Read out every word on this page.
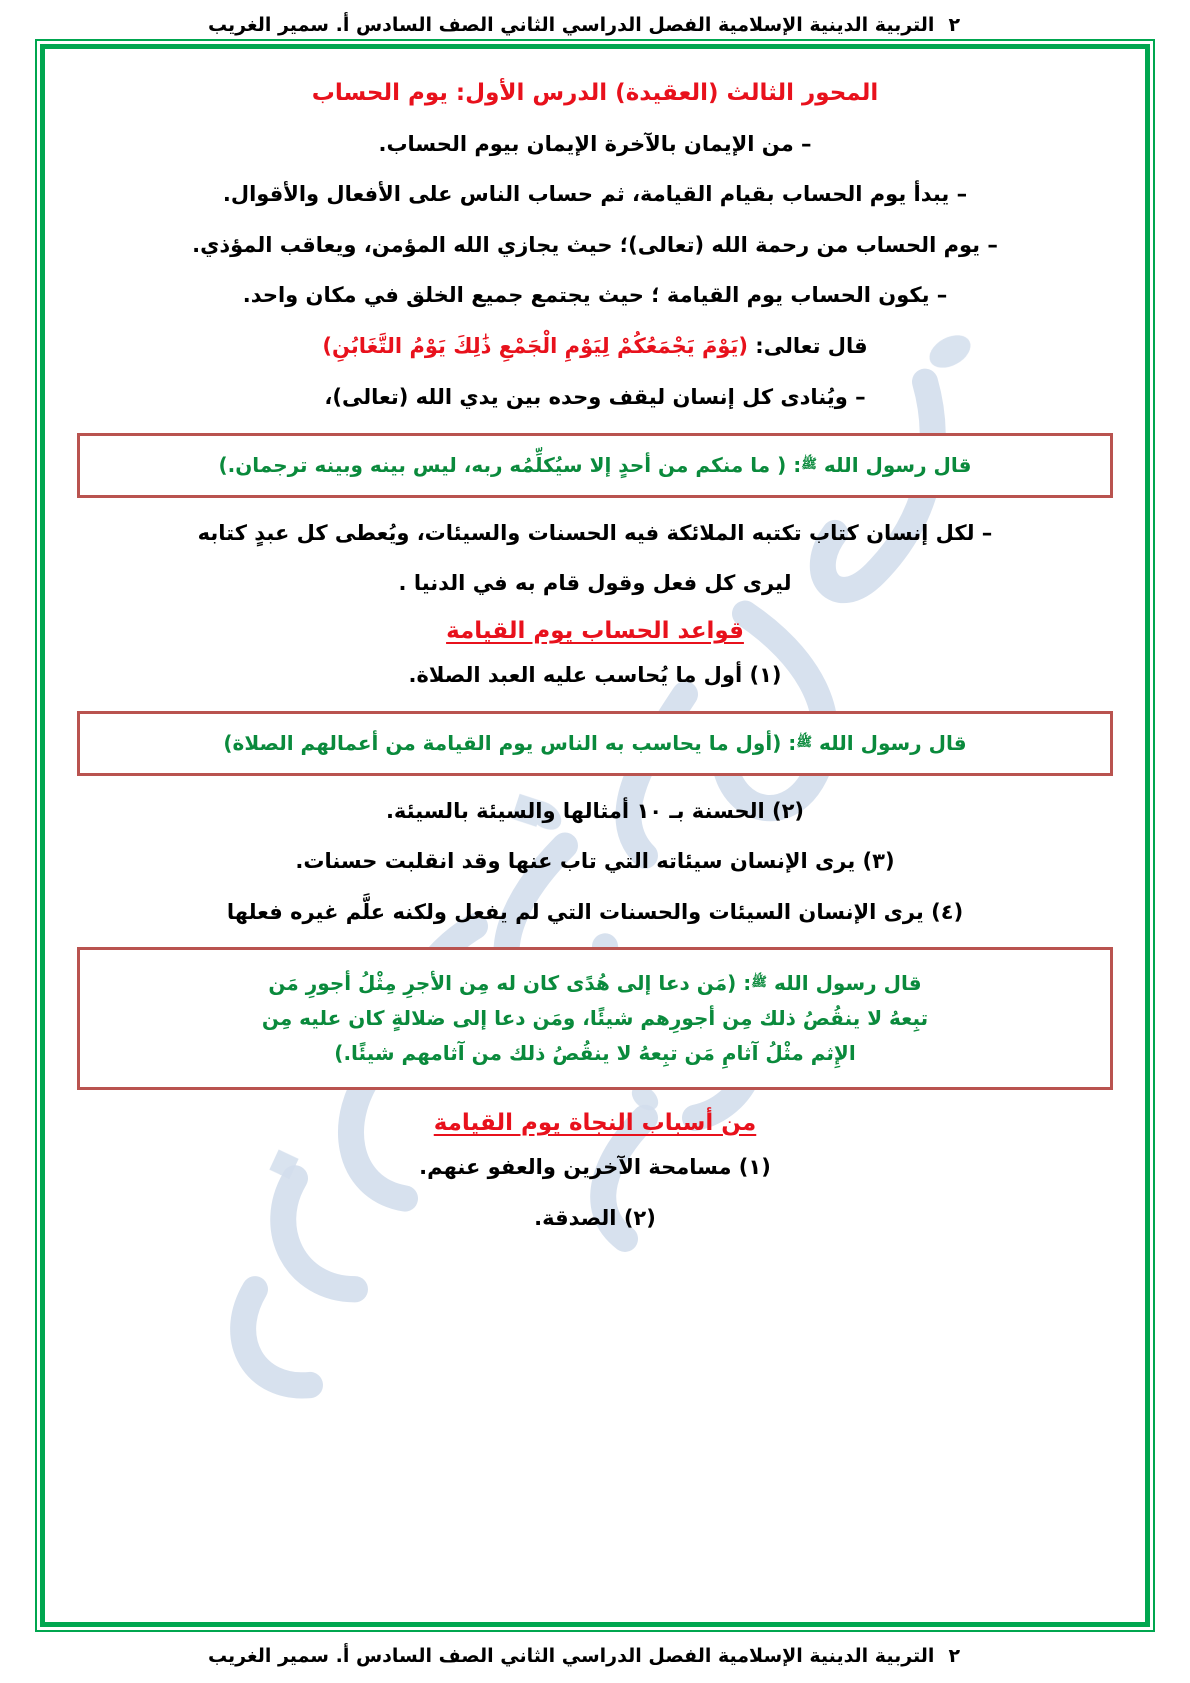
٢
التربية الدينية الإسلامية الفصل الدراسي الثاني الصف السادس أ. سمير الغريب
المحور الثالث (العقيدة) الدرس الأول: يوم الحساب
– من الإيمان بالآخرة الإيمان بيوم الحساب.
– يبدأ يوم الحساب بقيام القيامة، ثم حساب الناس على الأفعال والأقوال.
– يوم الحساب من رحمة الله (تعالى)؛ حيث يجازي الله المؤمن، ويعاقب المؤذي.
– يكون الحساب يوم القيامة ؛ حيث يجتمع جميع الخلق في مكان واحد.
قال تعالى: (يَوْمَ يَجْمَعُكُمْ لِيَوْمِ الْجَمْعِ ذَٰلِكَ يَوْمُ التَّغَابُنِ)
– ويُنادى كل إنسان ليقف وحده بين يدي الله (تعالى)،
قال رسول الله ﷺ: ( ما منكم من أحدٍ إلا سيُكلِّمُه ربه، ليس بينه وبينه ترجمان.)
– لكل إنسان كتاب تكتبه الملائكة فيه الحسنات والسيئات، ويُعطى كل عبدٍ كتابه
ليرى كل فعل وقول قام به في الدنيا .
قواعد الحساب يوم القيامة
(١) أول ما يُحاسب عليه العبد الصلاة.
قال رسول الله ﷺ: (أول ما يحاسب به الناس يوم القيامة من أعمالهم الصلاة)
(٢) الحسنة بـ ١٠ أمثالها والسيئة بالسيئة.
(٣) يرى الإنسان سيئاته التي تاب عنها وقد انقلبت حسنات.
(٤) يرى الإنسان السيئات والحسنات التي لم يفعل ولكنه علَّم غيره فعلها
قال رسول الله ﷺ: (مَن دعا إلى هُدًى كان له مِن الأجرِ مِثْلُ أجورِ مَن
تبِعهُ لا ينقُصُ ذلك مِن أجورِهم شيئًا، ومَن دعا إلى ضلالةٍ كان عليه مِن
الإِثم مثْلُ آثامِ مَن تبِعهُ لا ينقُصُ ذلك من آثامهم شيئًا.)
من أسباب النجاة يوم القيامة
(١) مسامحة الآخرين والعفو عنهم.
(٢) الصدقة.
٢
التربية الدينية الإسلامية الفصل الدراسي الثاني الصف السادس أ. سمير الغريب
